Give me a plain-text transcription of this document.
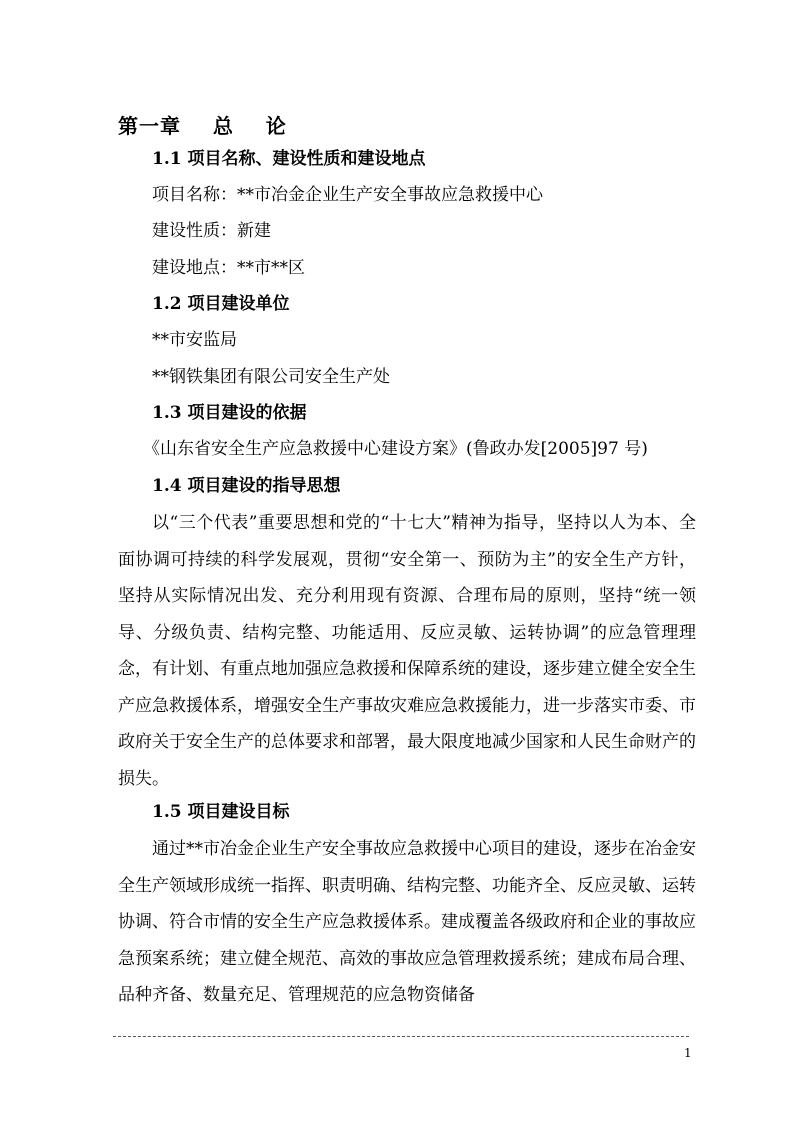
第一章    总    论
1.1 项目名称、建设性质和建设地点
项目名称：**市冶金企业生产安全事故应急救援中心
建设性质：新建
建设地点：**市**区
1.2 项目建设单位
**市安监局
**钢铁集团有限公司安全生产处
1.3 项目建设的依据
《山东省安全生产应急救援中心建设方案》(鲁政办发[2005]97 号)
1.4 项目建设的指导思想
以“三个代表”重要思想和党的“十七大”精神为指导，坚持以人为本、全面协调可持续的科学发展观，贯彻“安全第一、预防为主”的安全生产方针，坚持从实际情况出发、充分利用现有资源、合理布局的原则，坚持“统一领导、分级负责、结构完整、功能适用、反应灵敏、运转协调”的应急管理理念，有计划、有重点地加强应急救援和保障系统的建设，逐步建立健全安全生产应急救援体系，增强安全生产事故灾难应急救援能力，进一步落实市委、市政府关于安全生产的总体要求和部署，最大限度地减少国家和人民生命财产的损失。
1.5 项目建设目标
通过**市冶金企业生产安全事故应急救援中心项目的建设，逐步在冶金安全生产领域形成统一指挥、职责明确、结构完整、功能齐全、反应灵敏、运转协调、符合市情的安全生产应急救援体系。建成覆盖各级政府和企业的事故应急预案系统；建立健全规范、高效的事故应急管理救援系统；建成布局合理、品种齐备、数量充足、管理规范的应急物资储备
1
